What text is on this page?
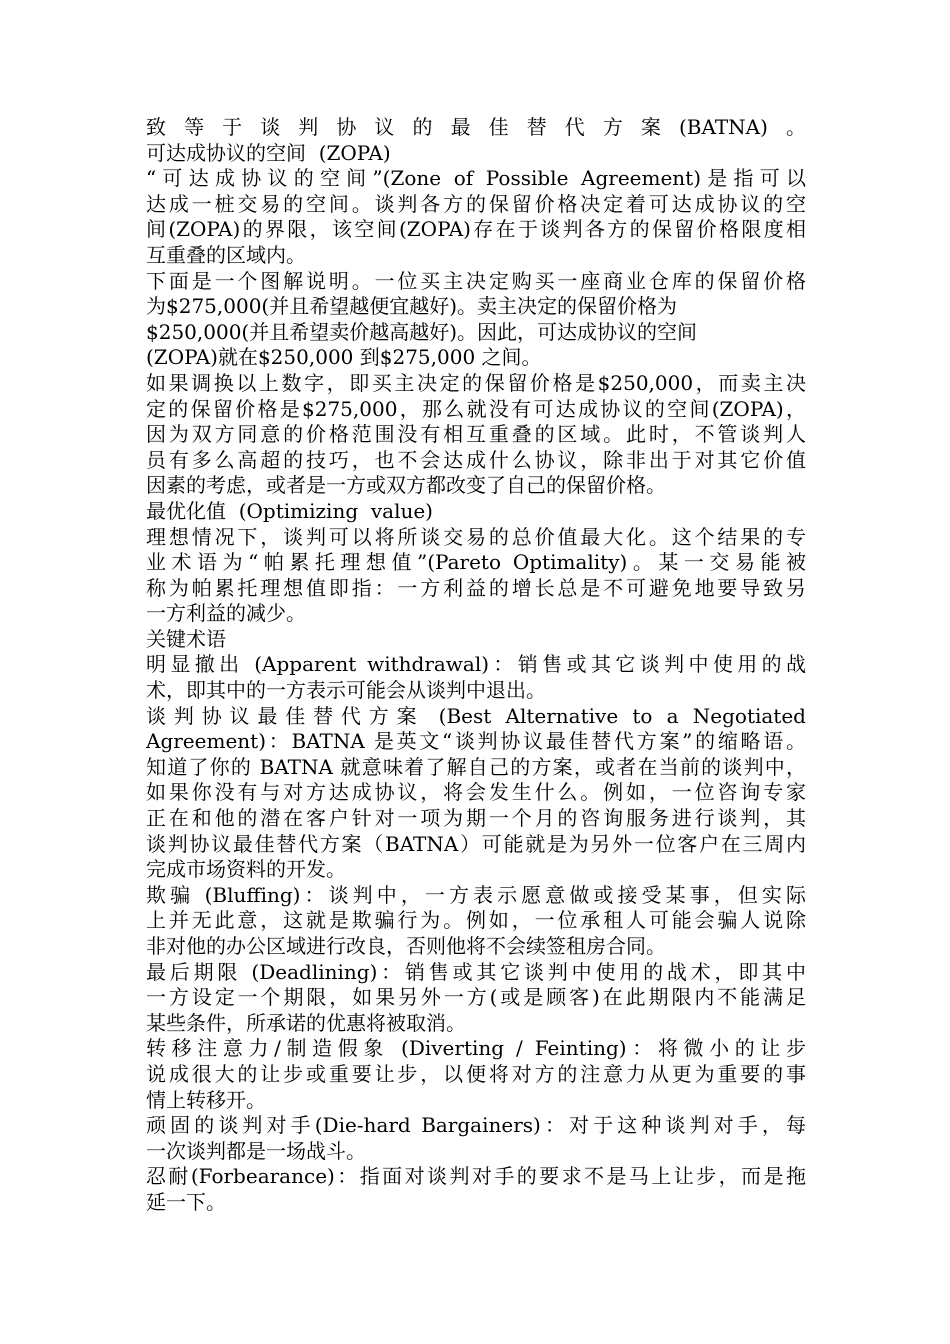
致等于谈判协议的最佳替代方案(BATNA)。
可达成协议的空间  (ZOPA)
“可达成协议的空间”(Zone of Possible Agreement)是指可以
达成一桩交易的空间。谈判各方的保留价格决定着可达成协议的空
间(ZOPA)的界限，该空间(ZOPA)存在于谈判各方的保留价格限度相
互重叠的区域内。
下面是一个图解说明。一位买主决定购买一座商业仓库的保留价格
为$275,000(并且希望越便宜越好)。卖主决定的保留价格为
$250,000(并且希望卖价越高越好)。因此，可达成协议的空间
(ZOPA)就在$250,000 到$275,000 之间。
如果调换以上数字，即买主决定的保留价格是$250,000，而卖主决
定的保留价格是$275,000，那么就没有可达成协议的空间(ZOPA)，
因为双方同意的价格范围没有相互重叠的区域。此时，不管谈判人
员有多么高超的技巧，也不会达成什么协议，除非出于对其它价值
因素的考虑，或者是一方或双方都改变了自己的保留价格。
最优化值  (Optimizing  value)
理想情况下，谈判可以将所谈交易的总价值最大化。这个结果的专
业术语为“帕累托理想值”(Pareto Optimality)。某一交易能被
称为帕累托理想值即指：一方利益的增长总是不可避免地要导致另
一方利益的减少。
关键术语
明显撤出 (Apparent withdrawal)：销售或其它谈判中使用的战
术，即其中的一方表示可能会从谈判中退出。
谈判协议最佳替代方案 (Best Alternative to a Negotiated
Agreement)：BATNA 是英文“谈判协议最佳替代方案”的缩略语。
知道了你的 BATNA 就意味着了解自己的方案，或者在当前的谈判中，
如果你没有与对方达成协议，将会发生什么。例如，一位咨询专家
正在和他的潜在客户针对一项为期一个月的咨询服务进行谈判，其
谈判协议最佳替代方案（BATNA）可能就是为另外一位客户在三周内
完成市场资料的开发。
欺骗 (Bluffing)：谈判中，一方表示愿意做或接受某事，但实际
上并无此意，这就是欺骗行为。例如，一位承租人可能会骗人说除
非对他的办公区域进行改良，否则他将不会续签租房合同。
最后期限 (Deadlining)：销售或其它谈判中使用的战术，即其中
一方设定一个期限，如果另外一方(或是顾客)在此期限内不能满足
某些条件，所承诺的优惠将被取消。
转移注意力/制造假象 (Diverting / Feinting)：将微小的让步
说成很大的让步或重要让步，以便将对方的注意力从更为重要的事
情上转移开。
顽固的谈判对手(Die-hard Bargainers)：对于这种谈判对手，每
一次谈判都是一场战斗。
忍耐(Forbearance)：指面对谈判对手的要求不是马上让步，而是拖
延一下。
